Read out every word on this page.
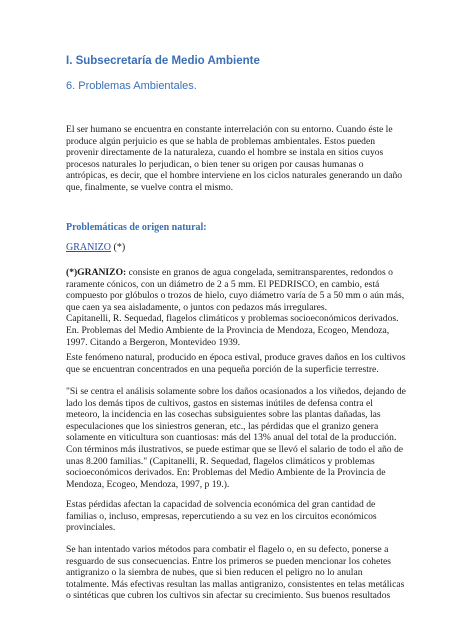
I. Subsecretaría de Medio Ambiente
6. Problemas Ambientales.
El ser humano se encuentra en constante interrelación con su entorno. Cuando éste le
produce algún perjuicio es que se habla de problemas ambientales. Estos pueden
provenir directamente de la naturaleza, cuando el hombre se instala en sitios cuyos
procesos naturales lo perjudican, o bien tener su origen por causas humanas o
antrópicas, es decir, que el hombre interviene en los ciclos naturales generando un daño
que, finalmente, se vuelve contra el mismo.
Problemáticas de origen natural:
GRANIZO (*)
(*)GRANIZO: consiste en granos de agua congelada, semitransparentes, redondos o
raramente cónicos, con un diámetro de 2 a 5 mm. El PEDRISCO, en cambio, está
compuesto por glóbulos o trozos de hielo, cuyo diámetro varía de 5 a 50 mm o aún más,
que caen ya sea aisladamente, o juntos con pedazos más irregulares.
Capitanelli, R. Sequedad, flagelos climáticos y problemas socioeconómicos derivados.
En. Problemas del Medio Ambiente de la Provincia de Mendoza, Ecogeo, Mendoza,
1997. Citando a Bergeron, Montevideo 1939.
Este fenómeno natural, producido en época estival, produce graves daños en los cultivos
que se encuentran concentrados en una pequeña porción de la superficie terrestre.
"Si se centra el análisis solamente sobre los daños ocasionados a los viñedos, dejando de
lado los demás tipos de cultivos, gastos en sistemas inútiles de defensa contra el
meteoro, la incidencia en las cosechas subsiguientes sobre las plantas dañadas, las
especulaciones que los siniestros generan, etc., las pérdidas que el granizo genera
solamente en viticultura son cuantiosas: más del 13% anual del total de la producción.
Con términos más ilustrativos, se puede estimar que se llevó el salario de todo el año de
unas 8.200 familias." (Capitanelli, R. Sequedad, flagelos climáticos y problemas
socioeconómicos derivados. En: Problemas del Medio Ambiente de la Provincia de
Mendoza, Ecogeo, Mendoza, 1997, p 19.).
Estas pérdidas afectan la capacidad de solvencia económica del gran cantidad de
familias o, incluso, empresas, repercutiendo a su vez en los circuitos económicos
provinciales.
Se han intentado varios métodos para combatir el flagelo o, en su defecto, ponerse a
resguardo de sus consecuencias. Entre los primeros se pueden mencionar los cohetes
antigranizo o la siembra de nubes, que si bien reducen el peligro no lo anulan
totalmente. Más efectivas resultan las mallas antigranizo, consistentes en telas metálicas
o sintéticas que cubren los cultivos sin afectar su crecimiento. Sus buenos resultados
